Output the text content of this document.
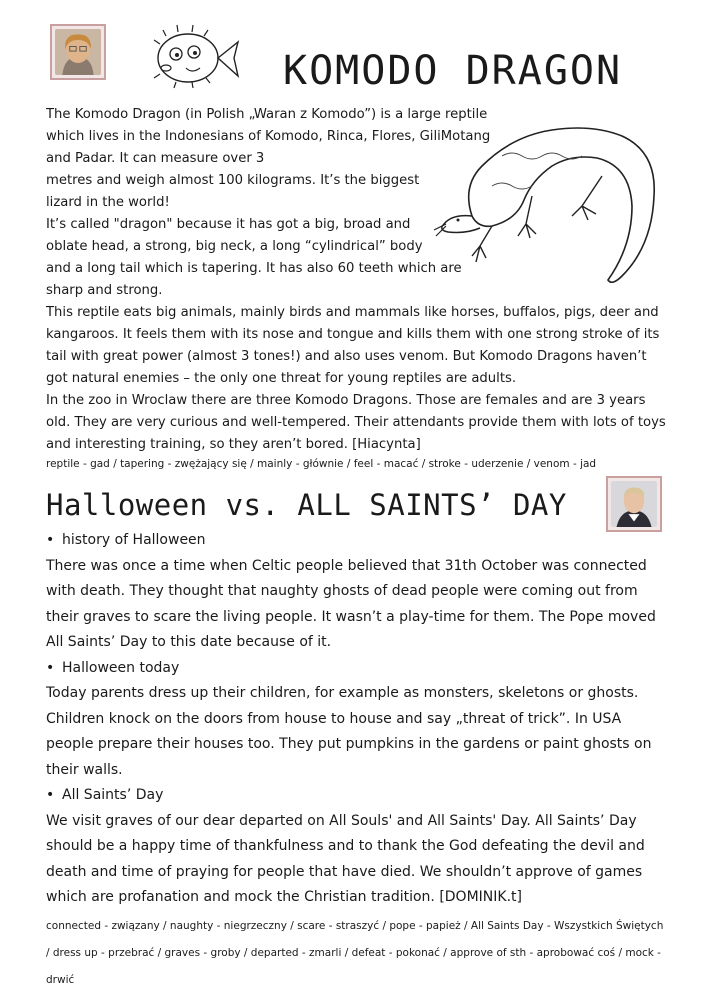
KOMODO DRAGON

The Komodo Dragon (in Polish „Waran z Komodo”) is a large reptile

which lives in the Indonesians of Komodo, Rinca, Flores, GiliMotang

and Padar. It can measure over 3

metres and weigh almost 100 kilograms. It’s the biggest

lizard in the world!

It’s called "dragon" because it has got a big, broad and

oblate head, a strong, big neck, a long “cylindrical” body

and a long tail which is tapering. It has also 60 teeth which are

sharp and strong.

This reptile eats big animals, mainly birds and mammals like horses, buffalos, pigs, deer and kangaroos. It feels them with its nose and tongue and kills them with one strong stroke of its tail with great power (almost 3 tones!) and also uses venom. But Komodo Dragons haven’t got natural enemies – the only one threat for young reptiles are adults.

In the zoo in Wroclaw there are three Komodo Dragons. Those are females and are 3 years old. They are very curious and well-tempered. Their attendants provide them with lots of toys and interesting training, so they aren’t bored. [Hiacynta]

reptile - gad / tapering - zwężający się / mainly - głównie / feel - macać / stroke - uderzenie / venom - jad
Halloween vs. ALL SAINTS’ DAY

• history of Halloween

There was once a time when Celtic people believed that 31th October was connected with death. They thought that naughty ghosts of dead people were coming out from their graves to scare the living people. It wasn’t a play-time for them. The Pope moved All Saints’ Day to this date because of it.

• Halloween today

Today parents dress up their children, for example as monsters, skeletons or ghosts. Children knock on the doors from house to house and say „threat of trick”. In USA people prepare their houses too. They put pumpkins in the gardens or paint ghosts on their walls.

• All Saints’ Day

We visit graves of our dear departed on All Souls' and All Saints' Day. All Saints’ Day should be a happy time of thankfulness and to thank the God defeating the devil and death and time of praying for people that have died. We shouldn’t approve of games which are profanation and mock the Christian tradition. [DOMINIK.t]

connected - związany / naughty - niegrzeczny / scare - straszyć / pope - papież / All Saints Day - Wszystkich Świętych / dress up - przebrać / graves - groby / departed - zmarli / defeat - pokonać / approve of sth - aprobować coś / mock - drwić
